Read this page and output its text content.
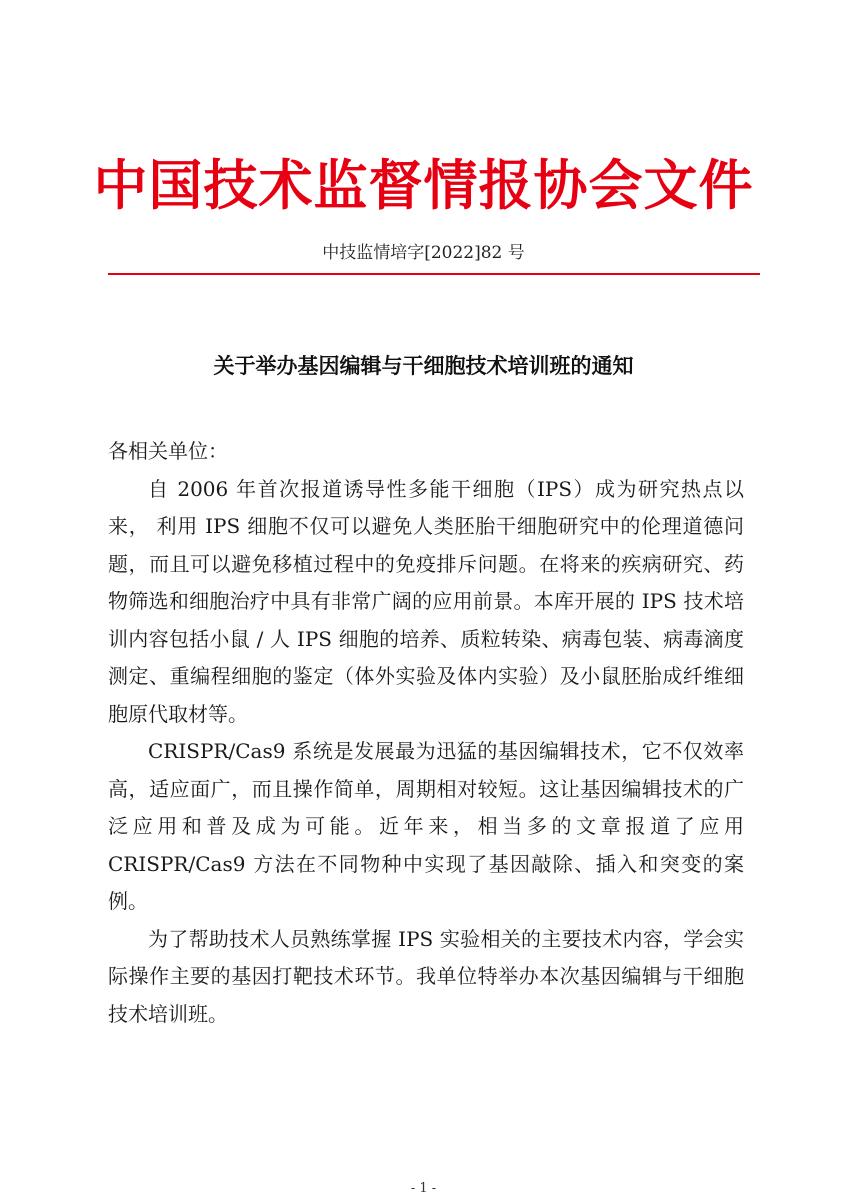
中国技术监督情报协会文件
中技监情培字[2022]82 号
关于举办基因编辑与干细胞技术培训班的通知

各相关单位：

自 2006 年首次报道诱导性多能干细胞（IPS）成为研究热点以来， 利用 IPS 细胞不仅可以避免人类胚胎干细胞研究中的伦理道德问题，而且可以避免移植过程中的免疫排斥问题。在将来的疾病研究、药物筛选和细胞治疗中具有非常广阔的应用前景。本库开展的 IPS 技术培训内容包括小鼠 / 人 IPS 细胞的培养、质粒转染、病毒包装、病毒滴度测定、重编程细胞的鉴定（体外实验及体内实验）及小鼠胚胎成纤维细胞原代取材等。

CRISPR/Cas9 系统是发展最为迅猛的基因编辑技术，它不仅效率高，适应面广，而且操作简单，周期相对较短。这让基因编辑技术的广泛应用和普及成为可能。近年来，相当多的文章报道了应用 CRISPR/Cas9 方法在不同物种中实现了基因敲除、插入和突变的案例。

为了帮助技术人员熟练掌握 IPS 实验相关的主要技术内容，学会实际操作主要的基因打靶技术环节。我单位特举办本次基因编辑与干细胞技术培训班。

- 1 -
